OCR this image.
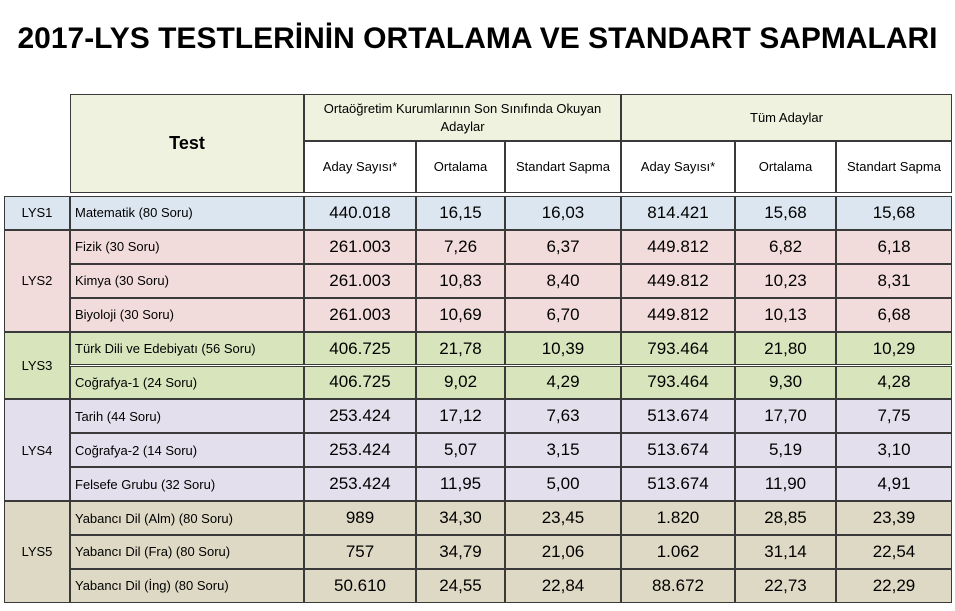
2017-LYS TESTLERİNİN ORTALAMA VE STANDART SAPMALARI
Test
Ortaöğretim Kurumlarının Son Sınıfında Okuyan Adaylar
Tüm Adaylar
Aday Sayısı*	Ortalama	Standart Sapma	Aday Sayısı*	Ortalama	Standart Sapma
LYS1	Matematik (80 Soru)	440.018	16,15	16,03	814.421	15,68	15,68
LYS2
Fizik (30 Soru)	261.003	7,26	6,37	449.812	6,82	6,18
Kimya (30 Soru)	261.003	10,83	8,40	449.812	10,23	8,31
Biyoloji (30 Soru)	261.003	10,69	6,70	449.812	10,13	6,68
LYS3
Türk Dili ve Edebiyatı (56 Soru)	406.725	21,78	10,39	793.464	21,80	10,29
Coğrafya-1 (24 Soru)	406.725	9,02	4,29	793.464	9,30	4,28
LYS4
Tarih (44 Soru)	253.424	17,12	7,63	513.674	17,70	7,75
Coğrafya-2 (14 Soru)	253.424	5,07	3,15	513.674	5,19	3,10
Felsefe Grubu (32 Soru)	253.424	11,95	5,00	513.674	11,90	4,91
LYS5
Yabancı Dil (Alm) (80 Soru)	989	34,30	23,45	1.820	28,85	23,39
Yabancı Dil (Fra) (80 Soru)	757	34,79	21,06	1.062	31,14	22,54
Yabancı Dil (İng) (80 Soru)	50.610	24,55	22,84	88.672	22,73	22,29
